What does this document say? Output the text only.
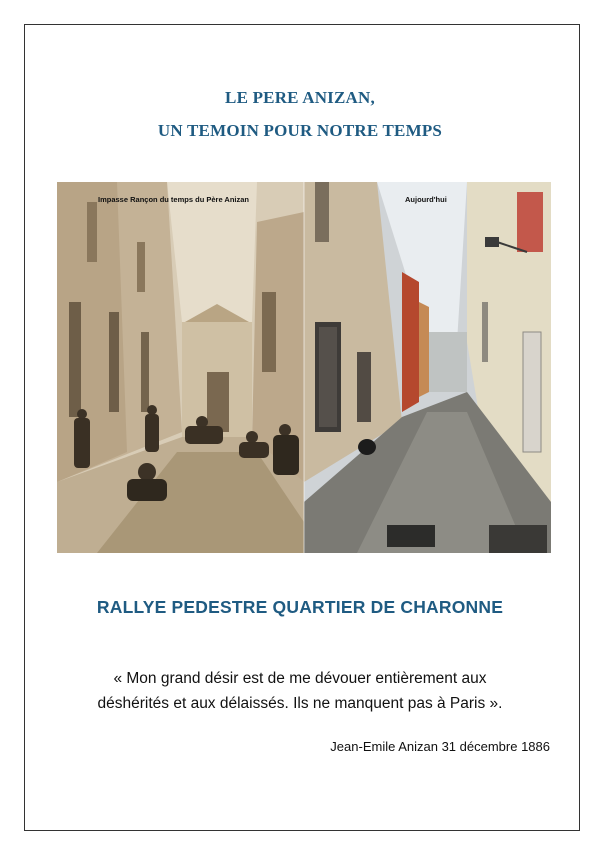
LE PERE ANIZAN,
UN TEMOIN POUR NOTRE TEMPS
Impasse Rançon du temps du Père Anizan	Aujourd'hui
RALLYE PEDESTRE QUARTIER DE CHARONNE
« Mon grand désir est de me dévouer entièrement aux
déshérités et aux délaissés. Ils ne manquent pas à Paris ».
Jean-Emile Anizan 31 décembre 1886
